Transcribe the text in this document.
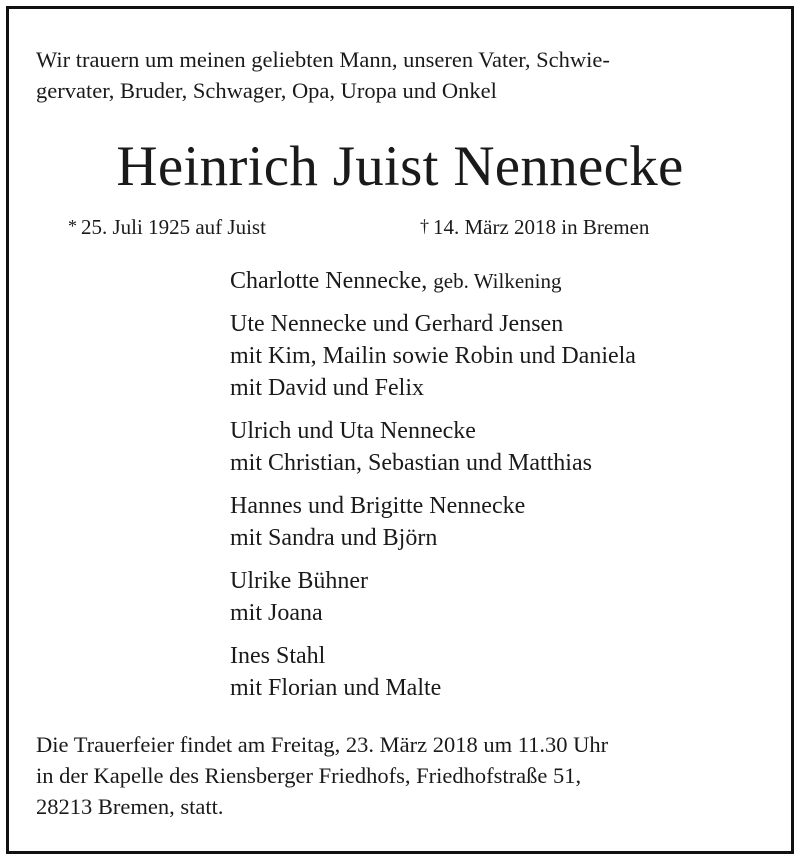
Wir trauern um meinen geliebten Mann, unseren Vater, Schwie-
gervater, Bruder, Schwager, Opa, Uropa und Onkel

Heinrich Juist Nennecke
* 25. Juli 1925 auf Juist	† 14. März 2018 in Bremen
Charlotte Nennecke, geb. Wilkening
Ute Nennecke und Gerhard Jensen
mit Kim, Mailin sowie Robin und Daniela
mit David und Felix
Ulrich und Uta Nennecke
mit Christian, Sebastian und Matthias
Hannes und Brigitte Nennecke
mit Sandra und Björn
Ulrike Bühner
mit Joana
Ines Stahl
mit Florian und Malte

Die Trauerfeier findet am Freitag, 23. März 2018 um 11.30 Uhr
in der Kapelle des Riensberger Friedhofs, Friedhofstraße 51,
28213 Bremen, statt.
